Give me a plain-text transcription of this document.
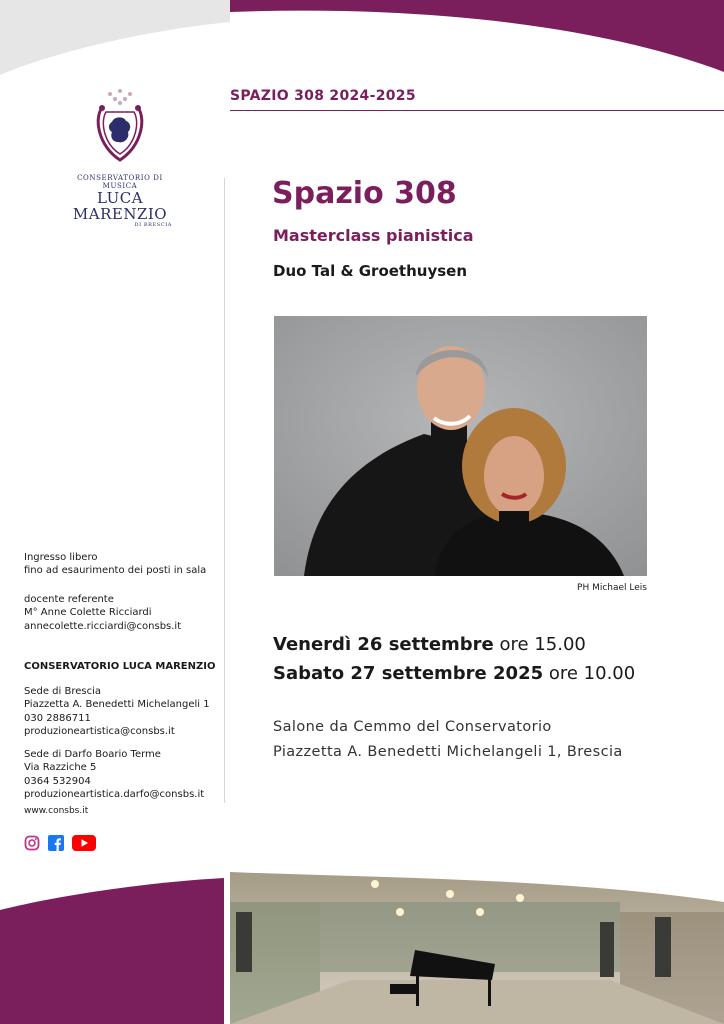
SPAZIO 308 2024-2025
CONSERVATORIO DI MUSICA
LUCA MARENZIO
DI BRESCIA
Spazio 308
Masterclass pianistica
Duo Tal & Groethuysen
PH Michael Leis
Venerdì 26 settembre ore 15.00
Sabato 27 settembre 2025 ore 10.00
Salone da Cemmo del Conservatorio
Piazzetta A. Benedetti Michelangeli 1, Brescia

Ingresso libero

fino ad esaurimento dei posti in sala

docente referente

M° Anne Colette Ricciardi

annecolette.ricciardi@consbs.it

CONSERVATORIO LUCA MARENZIO

Sede di Brescia

Piazzetta A. Benedetti Michelangeli 1

030 2886711

produzioneartistica@consbs.it

Sede di Darfo Boario Terme

Via Razziche 5

0364 532904

produzioneartistica.darfo@consbs.it

www.consbs.it
